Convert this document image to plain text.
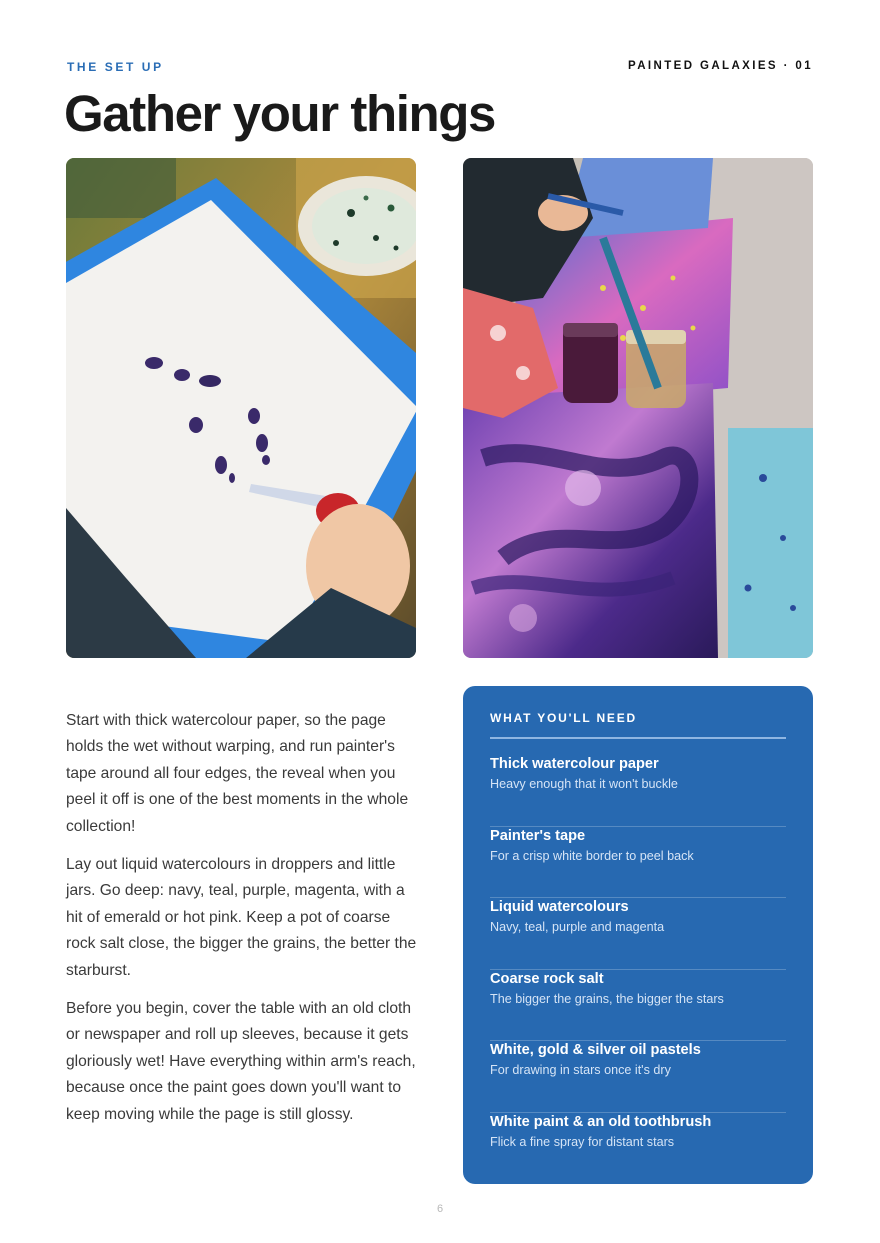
THE SET UP	PAINTED GALAXIES · 01
Gather your things

Start with thick watercolour paper, so the page holds the wet without warping, and run painter's tape around all four edges, the reveal when you peel it off is one of the best moments in the whole collection!

Lay out liquid watercolours in droppers and little jars. Go deep: navy, teal, purple, magenta, with a hit of emerald or hot pink. Keep a pot of coarse rock salt close, the bigger the grains, the better the starburst.

Before you begin, cover the table with an old cloth or newspaper and roll up sleeves, because it gets gloriously wet! Have everything within arm's reach, because once the paint goes down you'll want to keep moving while the page is still glossy.

WHAT YOU'LL NEED
Thick watercolour paper
Heavy enough that it won't buckle
Painter's tape
For a crisp white border to peel back
Liquid watercolours
Navy, teal, purple and magenta
Coarse rock salt
The bigger the grains, the bigger the stars
White, gold & silver oil pastels
For drawing in stars once it's dry
White paint & an old toothbrush
Flick a fine spray for distant stars
6
